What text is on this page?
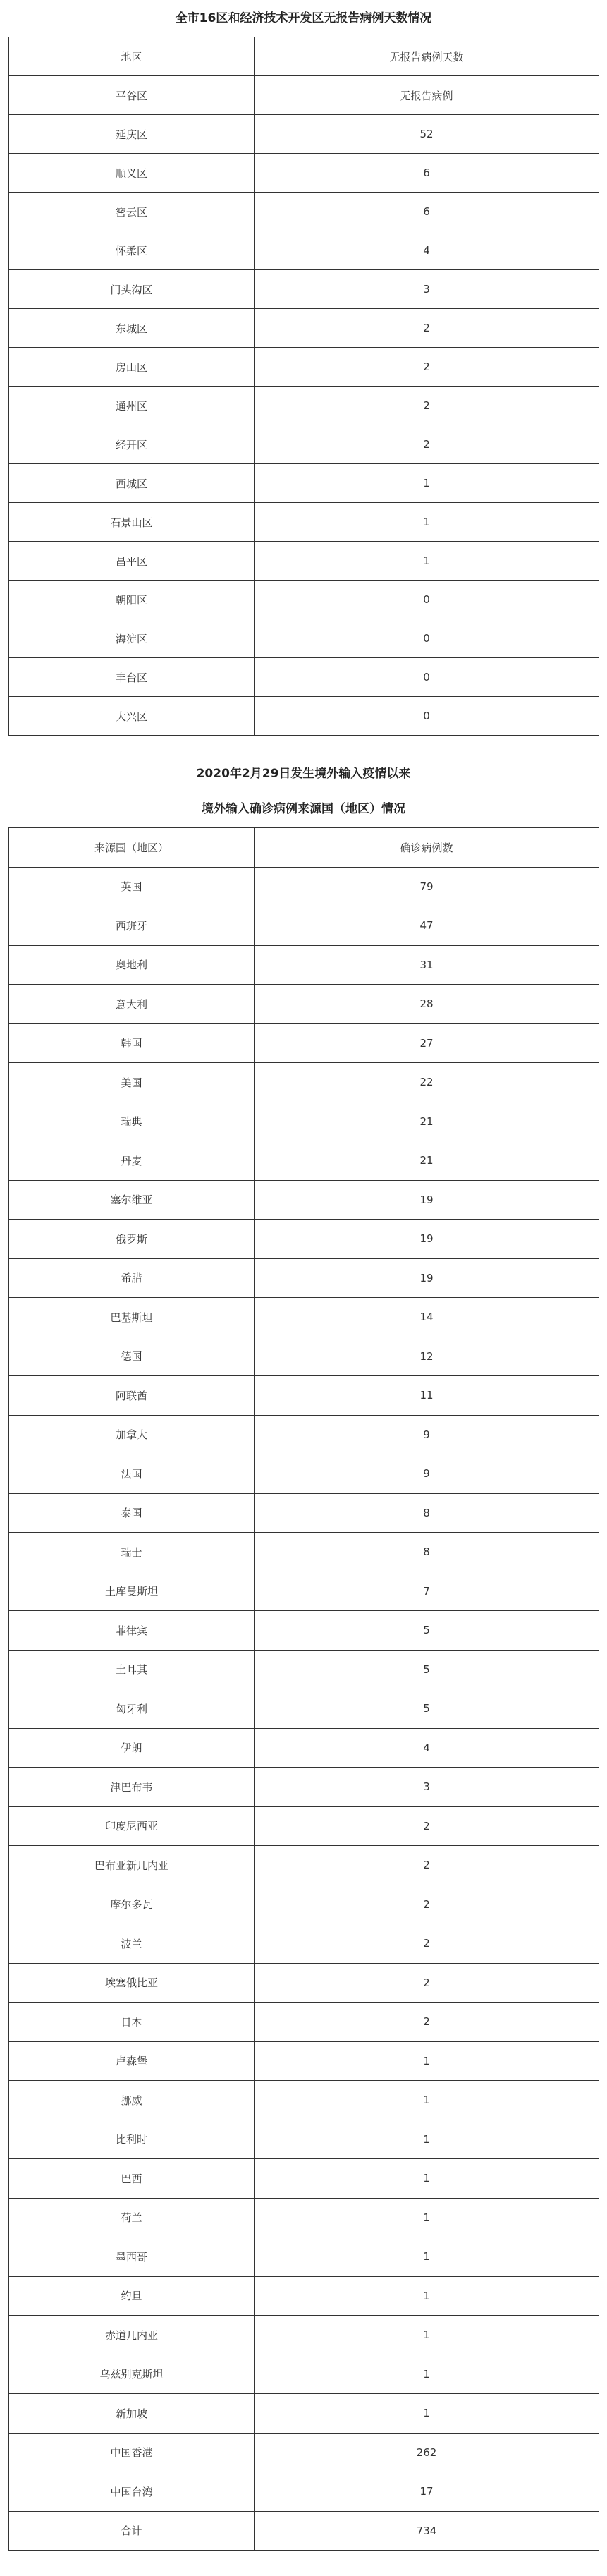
全市16区和经济技术开发区无报告病例天数情况
地区	无报告病例天数
平谷区	无报告病例
延庆区	52
顺义区	6
密云区	6
怀柔区	4
门头沟区	3
东城区	2
房山区	2
通州区	2
经开区	2
西城区	1
石景山区	1
昌平区	1
朝阳区	0
海淀区	0
丰台区	0
大兴区	0
2020年2月29日发生境外输入疫情以来
境外输入确诊病例来源国（地区）情况
来源国（地区）	确诊病例数
英国	79
西班牙	47
奥地利	31
意大利	28
韩国	27
美国	22
瑞典	21
丹麦	21
塞尔维亚	19
俄罗斯	19
希腊	19
巴基斯坦	14
德国	12
阿联酋	11
加拿大	9
法国	9
泰国	8
瑞士	8
土库曼斯坦	7
菲律宾	5
土耳其	5
匈牙利	5
伊朗	4
津巴布韦	3
印度尼西亚	2
巴布亚新几内亚	2
摩尔多瓦	2
波兰	2
埃塞俄比亚	2
日本	2
卢森堡	1
挪威	1
比利时	1
巴西	1
荷兰	1
墨西哥	1
约旦	1
赤道几内亚	1
乌兹别克斯坦	1
新加坡	1
中国香港	262
中国台湾	17
合计	734
